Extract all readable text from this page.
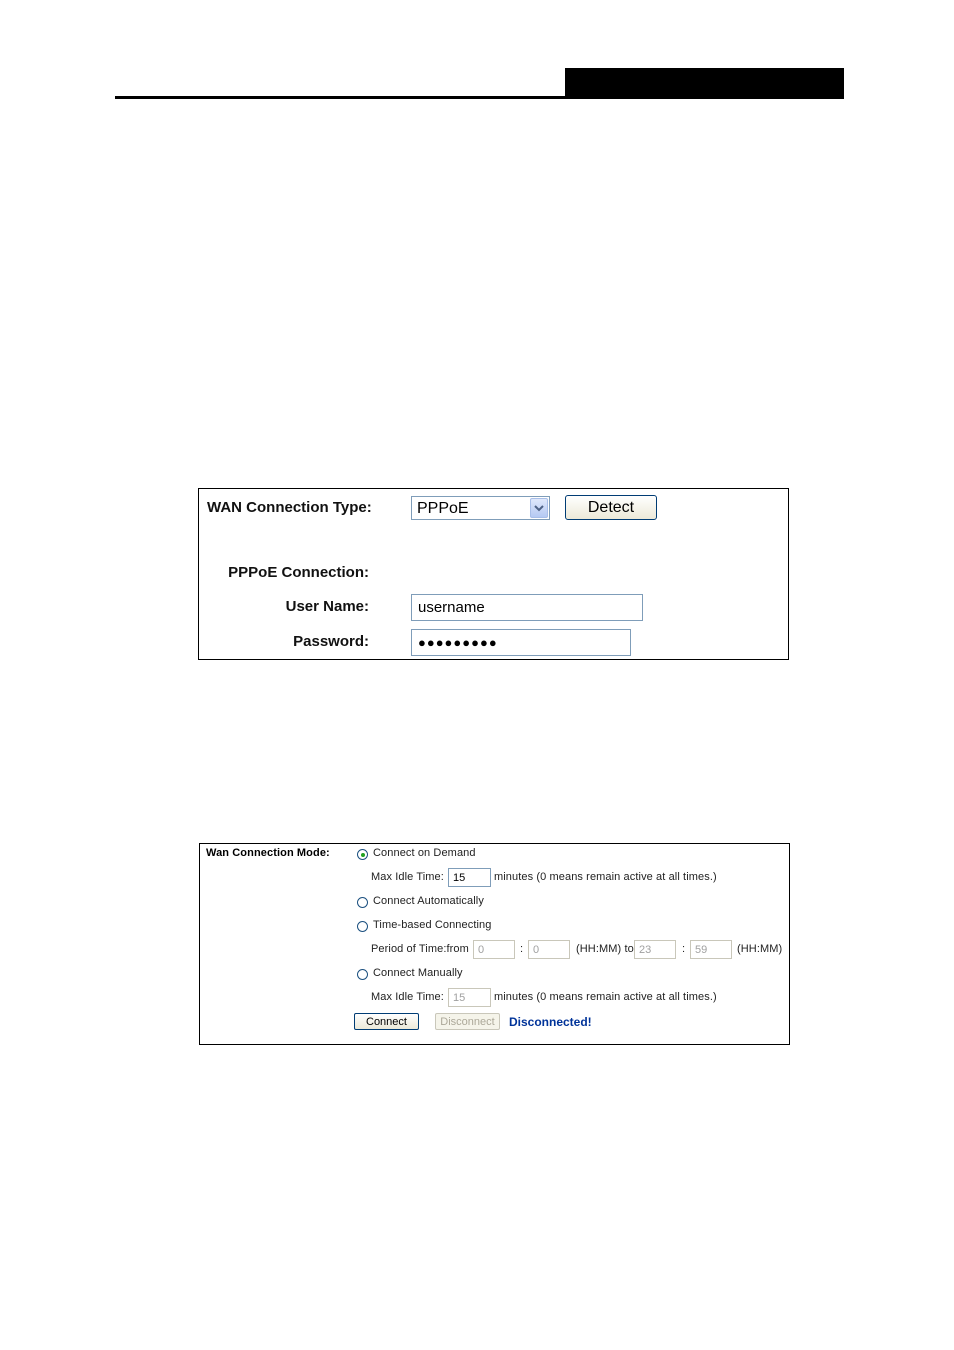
WAN Connection Type:	PPPoE	Detect
PPPoE Connection:
User Name:	username
Password:	●●●●●●●●●
Wan Connection Mode:	Connect on Demand
Max Idle Time: 15	minutes (0 means remain active at all times.)
Connect Automatically
Time-based Connecting
Period of Time:from 0	: 0	(HH:MM) to 23	: 59	(HH:MM)
Connect Manually
Max Idle Time: 15	minutes (0 means remain active at all times.)
Connect	Disconnect	Disconnected!
